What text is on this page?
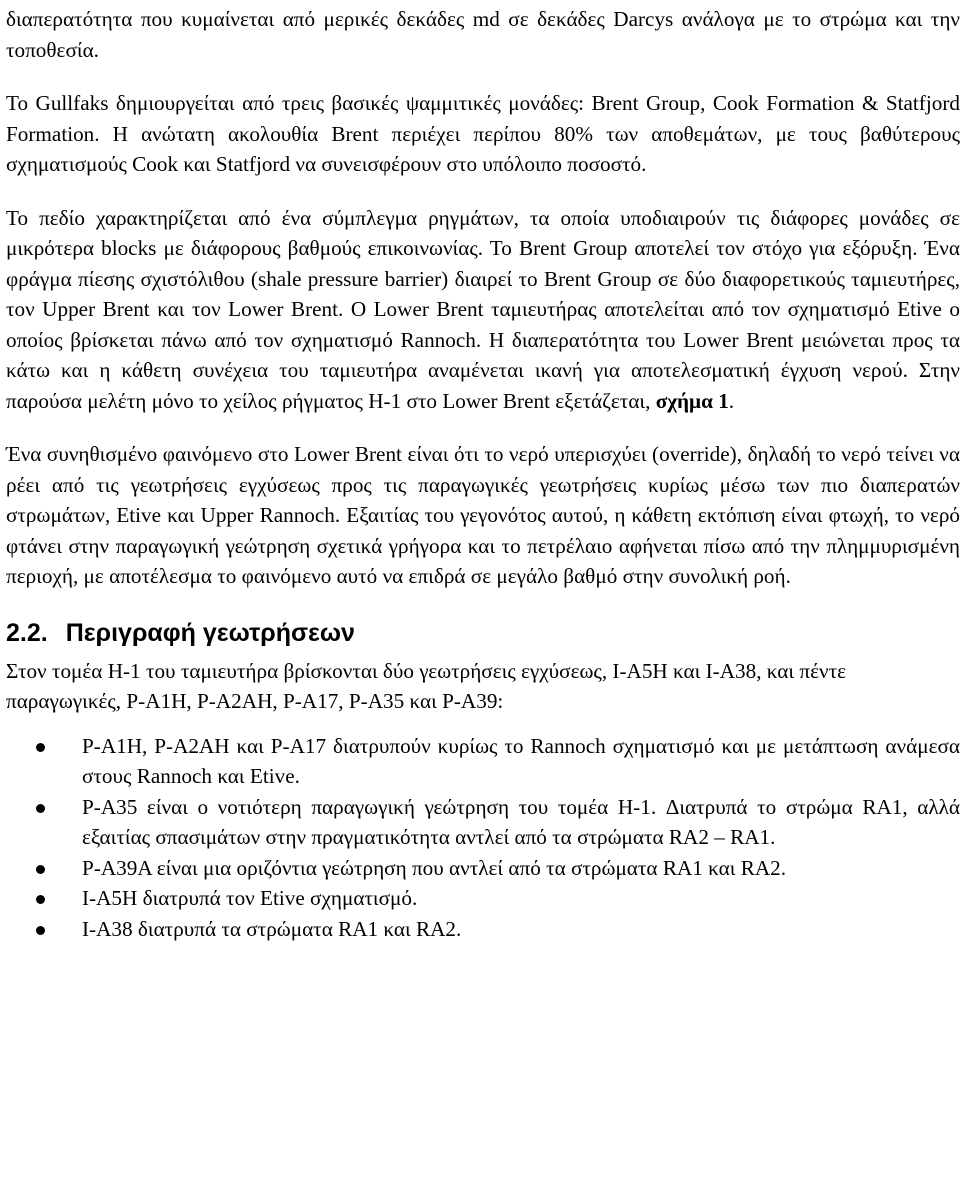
διαπερατότητα που κυμαίνεται από μερικές δεκάδες md σε δεκάδες Darcys ανάλογα με το στρώμα και την τοποθεσία.

Το Gullfaks δημιουργείται από τρεις βασικές ψαμμιτικές μονάδες: Brent Group, Cook Formation & Statfjord Formation. Η ανώτατη ακολουθία Brent περιέχει περίπου 80% των αποθεμάτων, με τους βαθύτερους σχηματισμούς Cook και Statfjord να συνεισφέρουν στο υπόλοιπο ποσοστό.

Το πεδίο χαρακτηρίζεται από ένα σύμπλεγμα ρηγμάτων, τα οποία υποδιαιρούν τις διάφορες μονάδες σε μικρότερα blocks με διάφορους βαθμούς επικοινωνίας. Το Brent Group αποτελεί τον στόχο για εξόρυξη. Ένα φράγμα πίεσης σχιστόλιθου (shale pressure barrier) διαιρεί το Brent Group σε δύο διαφορετικούς ταμιευτήρες, τον Upper Brent και τον Lower Brent. Ο Lower Brent ταμιευτήρας αποτελείται από τον σχηματισμό Etive ο οποίος βρίσκεται πάνω από τον σχηματισμό Rannoch. Η διαπερατότητα του Lower Brent μειώνεται προς τα κάτω και η κάθετη συνέχεια του ταμιευτήρα αναμένεται ικανή για αποτελεσματική έγχυση νερού. Στην παρούσα μελέτη μόνο το χείλος ρήγματος H-1 στο Lower Brent εξετάζεται, σχήμα 1.

Ένα συνηθισμένο φαινόμενο στο Lower Brent είναι ότι το νερό υπερισχύει (override), δηλαδή το νερό τείνει να ρέει από τις γεωτρήσεις εγχύσεως προς τις παραγωγικές γεωτρήσεις κυρίως μέσω των πιο διαπερατών στρωμάτων, Etive και Upper Rannoch. Εξαιτίας του γεγονότος αυτού, η κάθετη εκτόπιση είναι φτωχή, το νερό φτάνει στην παραγωγική γεώτρηση σχετικά γρήγορα και το πετρέλαιο αφήνεται πίσω από την πλημμυρισμένη περιοχή, με αποτέλεσμα το φαινόμενο αυτό να επιδρά σε μεγάλο βαθμό στην συνολική ροή.

2.2. Περιγραφή γεωτρήσεων

Στον τομέα H-1 του ταμιευτήρα βρίσκονται δύο γεωτρήσεις εγχύσεως, I-A5H και I-A38, και πέντε παραγωγικές, P-A1H, P-A2AH, P-A17, P-A35 και P-A39:

P-A1H, P-A2AH και P-A17 διατρυπούν κυρίως το Rannoch σχηματισμό και με μετάπτωση ανάμεσα στους Rannoch και Etive.
P-A35 είναι ο νοτιότερη παραγωγική γεώτρηση του τομέα H-1. Διατρυπά το στρώμα RA1, αλλά εξαιτίας σπασιμάτων στην πραγματικότητα αντλεί από τα στρώματα RA2 – RA1.
P-A39A είναι μια οριζόντια γεώτρηση που αντλεί από τα στρώματα RA1 και RA2.
I-A5H διατρυπά τον Etive σχηματισμό.
I-A38 διατρυπά τα στρώματα RA1 και RA2.
